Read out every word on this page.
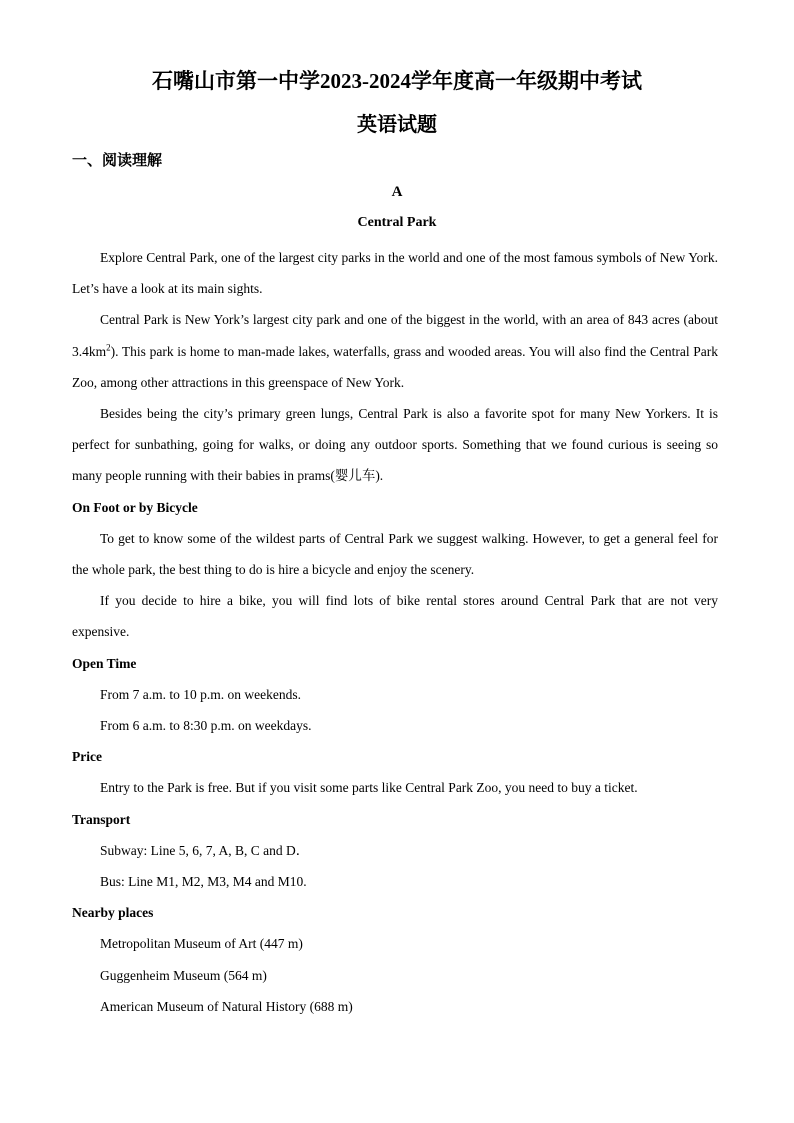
石嘴山市第一中学2023-2024学年度高一年级期中考试
英语试题
一、阅读理解
A
Central Park

Explore Central Park, one of the largest city parks in the world and one of the most famous symbols of New York. Let’s have a look at its main sights.

Central Park is New York’s largest city park and one of the biggest in the world, with an area of 843 acres (about $3.4km^2$). This park is home to man-made lakes, waterfalls, grass and wooded areas. You will also find the Central Park Zoo, among other attractions in this greenspace of New York.

Besides being the city’s primary green lungs, Central Park is also a favorite spot for many New Yorkers. It is perfect for sunbathing, going for walks, or doing any outdoor sports. Something that we found curious is seeing so many people running with their babies in prams(婴儿车).

On Foot or by Bicycle

To get to know some of the wildest parts of Central Park we suggest walking. However, to get a general feel for the whole park, the best thing to do is hire a bicycle and enjoy the scenery.

If you decide to hire a bike, you will find lots of bike rental stores around Central Park that are not very expensive.

Open Time

From 7 a.m. to 10 p.m. on weekends.

From 6 a.m. to 8:30 p.m. on weekdays.

Price

Entry to the Park is free. But if you visit some parts like Central Park Zoo, you need to buy a ticket.

Transport

Subway: Line 5, 6, 7, A, B, C and D．

Bus: Line M1, M2, M3, M4 and M10.

Nearby places

Metropolitan Museum of Art (447 m)

Guggenheim Museum (564 m)

American Museum of Natural History (688 m)
